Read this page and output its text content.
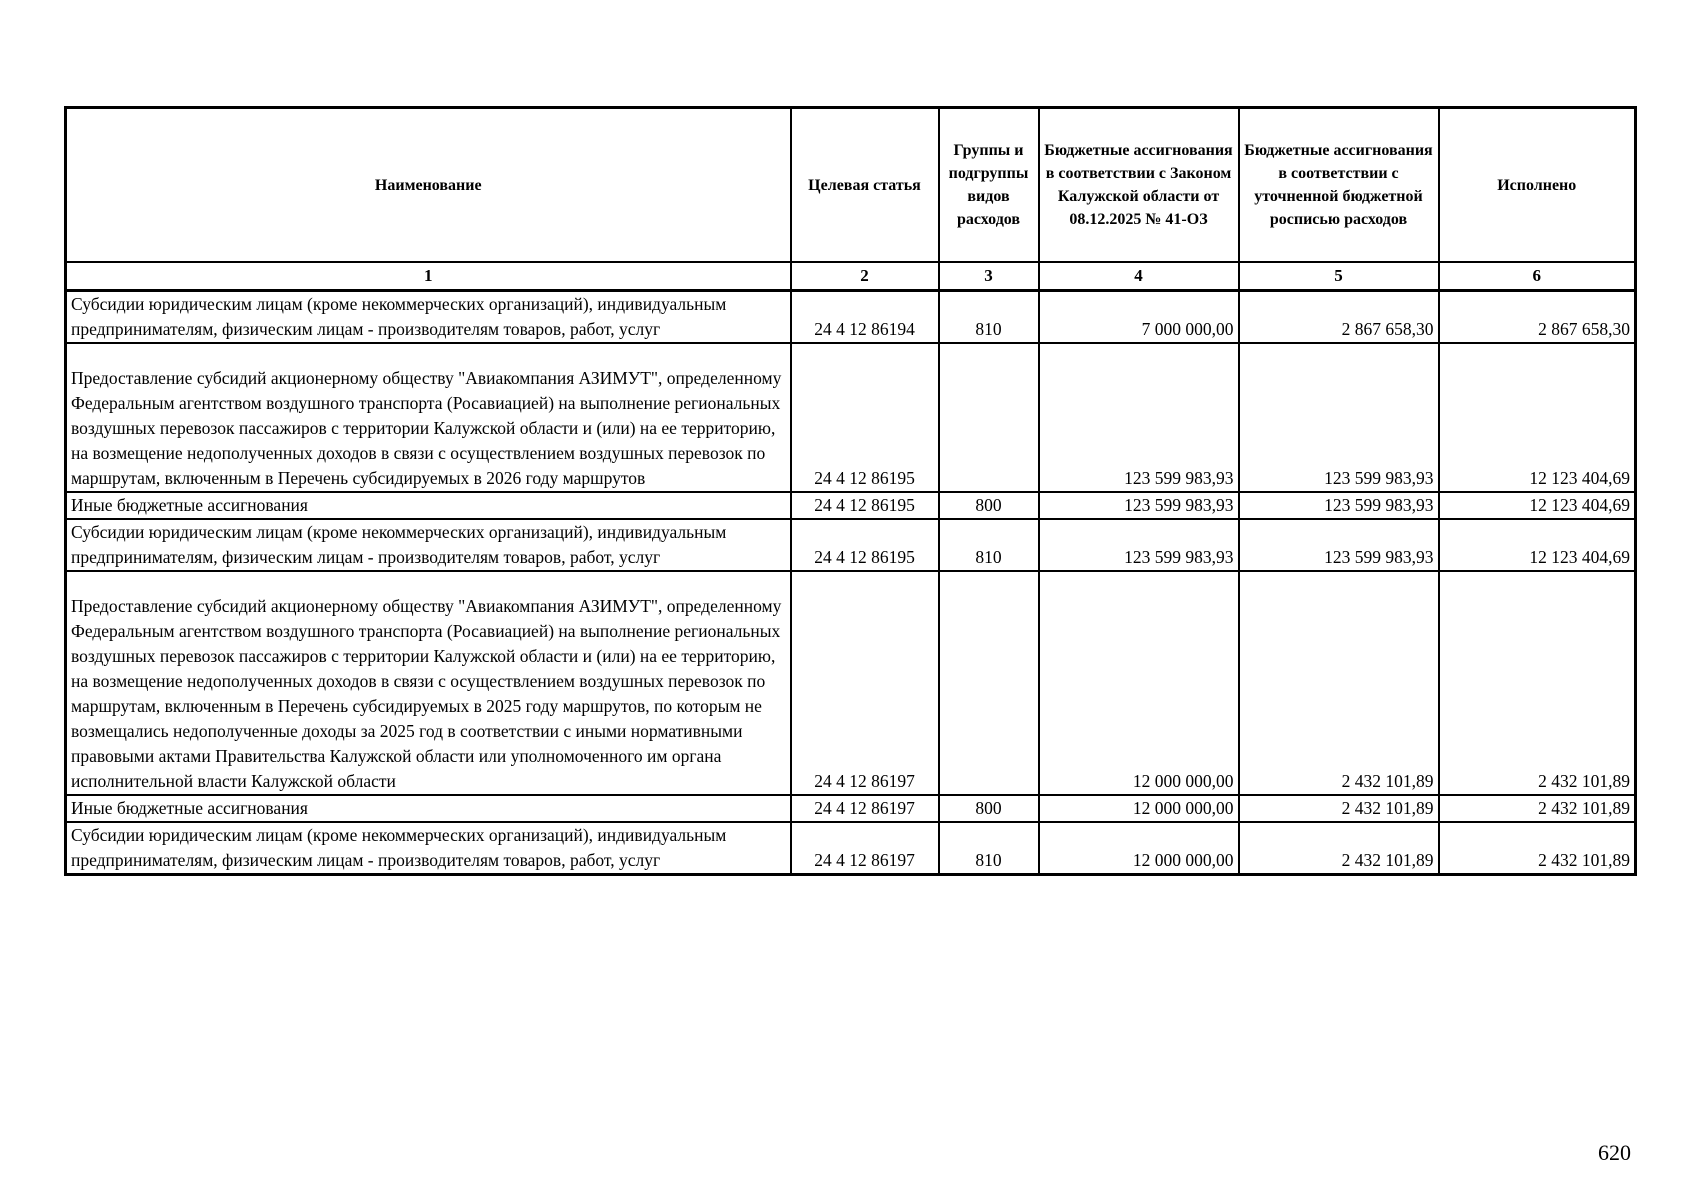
Наименование	Целевая статья	Группы и подгруппы видов расходов	Бюджетные ассигнования в соответствии с Законом Калужской области от 08.12.2025 № 41-ОЗ	Бюджетные ассигнования в соответствии с уточненной бюджетной росписью расходов	Исполнено
1	2	3	4	5	6
Субсидии юридическим лицам (кроме некоммерческих организаций), индивидуальным предпринимателям, физическим лицам - производителям товаров, работ, услуг	24 4 12 86194	810	7 000 000,00	2 867 658,30	2 867 658,30
Предоставление субсидий акционерному обществу "Авиакомпания АЗИМУТ", определенному Федеральным агентством воздушного транспорта (Росавиацией) на выполнение региональных воздушных перевозок пассажиров с территории Калужской области и (или) на ее территорию, на возмещение недополученных доходов в связи с осуществлением воздушных перевозок по маршрутам, включенным в Перечень субсидируемых в 2026 году маршрутов	24 4 12 86195		123 599 983,93	123 599 983,93	12 123 404,69
Иные бюджетные ассигнования	24 4 12 86195	800	123 599 983,93	123 599 983,93	12 123 404,69
Субсидии юридическим лицам (кроме некоммерческих организаций), индивидуальным предпринимателям, физическим лицам - производителям товаров, работ, услуг	24 4 12 86195	810	123 599 983,93	123 599 983,93	12 123 404,69
Предоставление субсидий акционерному обществу "Авиакомпания АЗИМУТ", определенному Федеральным агентством воздушного транспорта (Росавиацией) на выполнение региональных воздушных перевозок пассажиров с территории Калужской области и (или) на ее территорию, на возмещение недополученных доходов в связи с осуществлением воздушных перевозок по маршрутам, включенным в Перечень субсидируемых в 2025 году маршрутов, по которым не возмещались недополученные доходы за 2025 год в соответствии с иными нормативными правовыми актами Правительства Калужской области или уполномоченного им органа исполнительной власти Калужской области	24 4 12 86197		12 000 000,00	2 432 101,89	2 432 101,89
Иные бюджетные ассигнования	24 4 12 86197	800	12 000 000,00	2 432 101,89	2 432 101,89
Субсидии юридическим лицам (кроме некоммерческих организаций), индивидуальным предпринимателям, физическим лицам - производителям товаров, работ, услуг	24 4 12 86197	810	12 000 000,00	2 432 101,89	2 432 101,89
620
